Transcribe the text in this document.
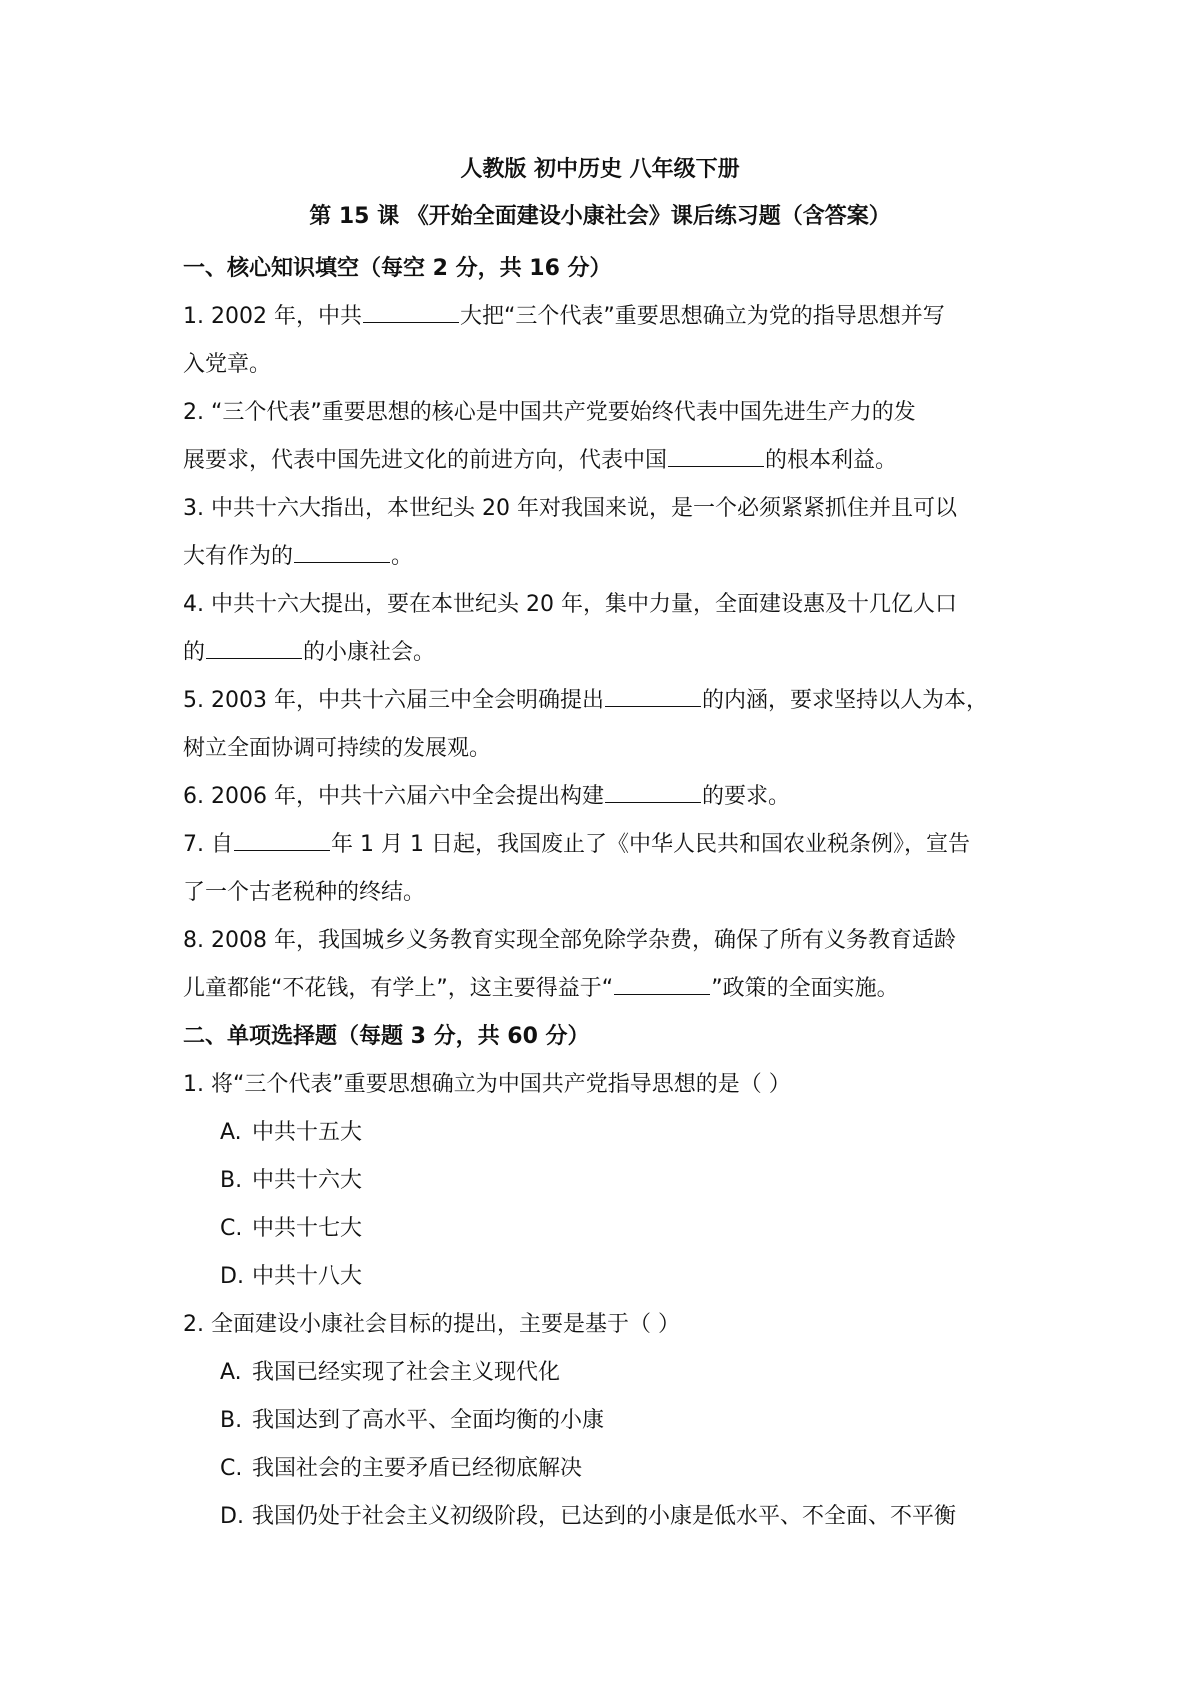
人教版 初中历史 八年级下册
第 15 课 《开始全面建设小康社会》课后练习题（含答案）
一、核心知识填空（每空 2 分，共 16 分）
1. 2002 年，中共	大把“三个代表”重要思想确立为党的指导思想并写
入党章。
2. “三个代表”重要思想的核心是中国共产党要始终代表中国先进生产力的发
展要求，代表中国先进文化的前进方向，代表中国	的根本利益。
3. 中共十六大指出，本世纪头 20 年对我国来说，是一个必须紧紧抓住并且可以
大有作为的	。
4. 中共十六大提出，要在本世纪头 20 年，集中力量，全面建设惠及十几亿人口
的	的小康社会。
5. 2003 年，中共十六届三中全会明确提出	的内涵，要求坚持以人为本，
树立全面协调可持续的发展观。
6. 2006 年，中共十六届六中全会提出构建	的要求。
7. 自	年 1 月 1 日起，我国废止了《中华人民共和国农业税条例》，宣告
了一个古老税种的终结。
8. 2008 年，我国城乡义务教育实现全部免除学杂费，确保了所有义务教育适龄
儿童都能“不花钱，有学上”，这主要得益于“	”政策的全面实施。
二、单项选择题（每题 3 分，共 60 分）
1. 将“三个代表”重要思想确立为中国共产党指导思想的是（ ）
A. 中共十五大
B. 中共十六大
C. 中共十七大
D. 中共十八大
2. 全面建设小康社会目标的提出，主要是基于（ ）
A. 我国已经实现了社会主义现代化
B. 我国达到了高水平、全面均衡的小康
C. 我国社会的主要矛盾已经彻底解决
D. 我国仍处于社会主义初级阶段，已达到的小康是低水平、不全面、不平衡
